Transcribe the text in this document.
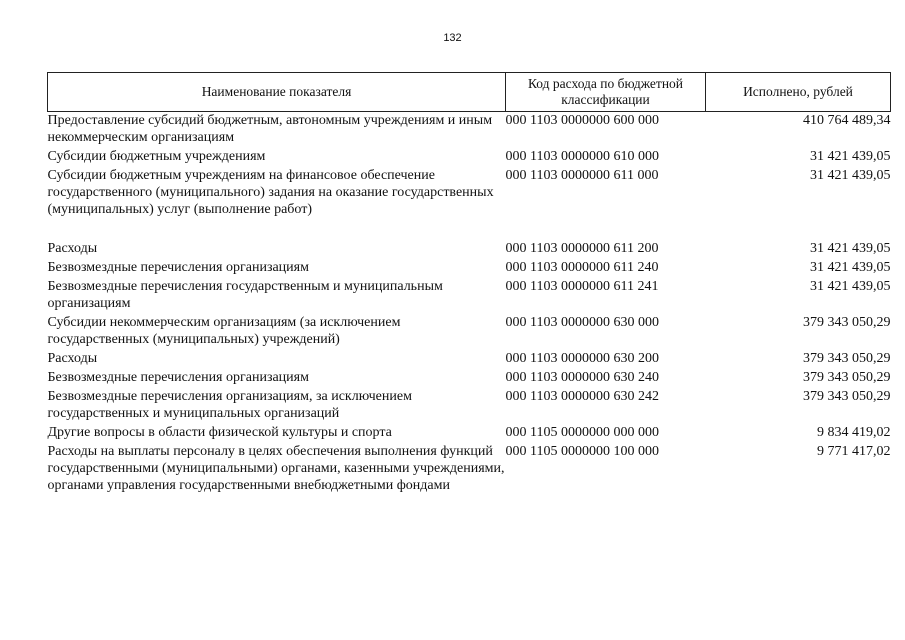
132
Наименование показателя	Код расхода по бюджетной классификации	Исполнено, рублей
Предоставление субсидий бюджетным, автономным учреждениям и иным некоммерческим организациям	000 1103 0000000 600 000	410 764 489,34
Субсидии бюджетным учреждениям	000 1103 0000000 610 000	31 421 439,05
Субсидии бюджетным учреждениям на финансовое обеспечение государственного (муниципального) задания на оказание государственных (муниципальных) услуг (выполнение работ)	000 1103 0000000 611 000	31 421 439,05

Расходы	000 1103 0000000 611 200	31 421 439,05
Безвозмездные перечисления организациям	000 1103 0000000 611 240	31 421 439,05
Безвозмездные перечисления государственным и муниципальным организациям	000 1103 0000000 611 241	31 421 439,05
Субсидии некоммерческим организациям (за исключением государственных (муниципальных) учреждений)	000 1103 0000000 630 000	379 343 050,29
Расходы	000 1103 0000000 630 200	379 343 050,29
Безвозмездные перечисления организациям	000 1103 0000000 630 240	379 343 050,29
Безвозмездные перечисления организациям, за исключением государственных и муниципальных организаций	000 1103 0000000 630 242	379 343 050,29
Другие вопросы в области физической культуры и спорта	000 1105 0000000 000 000	9 834 419,02
Расходы на выплаты персоналу в целях обеспечения выполнения функций государственными (муниципальными) органами, казенными учреждениями, органами управления государственными внебюджетными фондами	000 1105 0000000 100 000	9 771 417,02
